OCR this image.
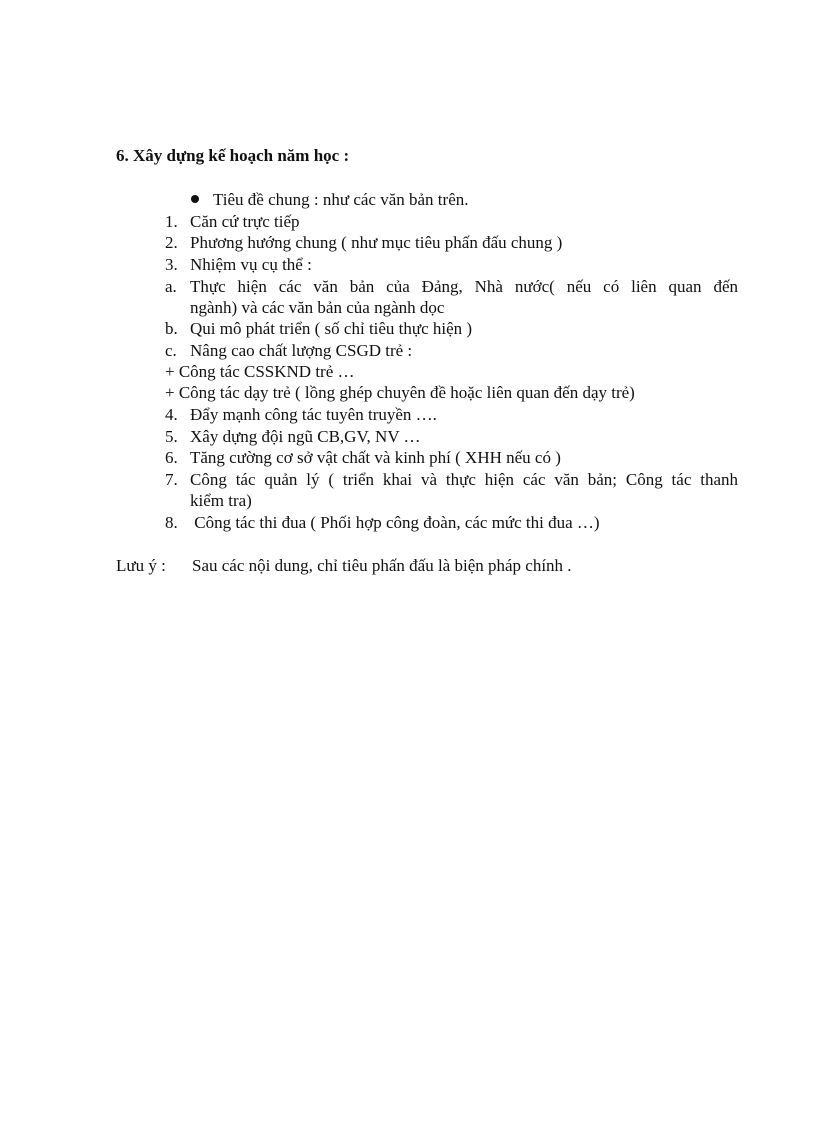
6. Xây dựng kế hoạch năm học :
Tiêu đề chung : như các văn bản trên.
1. Căn cứ trực tiếp
2. Phương hướng chung ( như mục tiêu phấn đấu chung )
3. Nhiệm vụ cụ thể :
a. Thực hiện các văn bản của Đảng, Nhà nước( nếu có liên quan đến
ngành) và các văn bản của ngành dọc
b. Qui mô phát triển ( số chỉ tiêu thực hiện )
c. Nâng cao chất lượng CSGD trẻ :
+ Công tác CSSKND trẻ …
+ Công tác dạy trẻ ( lồng ghép chuyên đề hoặc liên quan đến dạy trẻ)
4. Đẩy mạnh công tác tuyên truyền ….
5. Xây dựng đội ngũ CB,GV, NV …
6. Tăng cường cơ sở vật chất và kinh phí ( XHH nếu có )
7. Công tác quản lý ( triển khai và thực hiện các văn bản; Công tác thanh
kiểm tra)
8. Công tác thi đua ( Phối hợp công đoàn, các mức thi đua …)
Lưu ý : Sau các nội dung, chỉ tiêu phấn đấu là biện pháp chính .
